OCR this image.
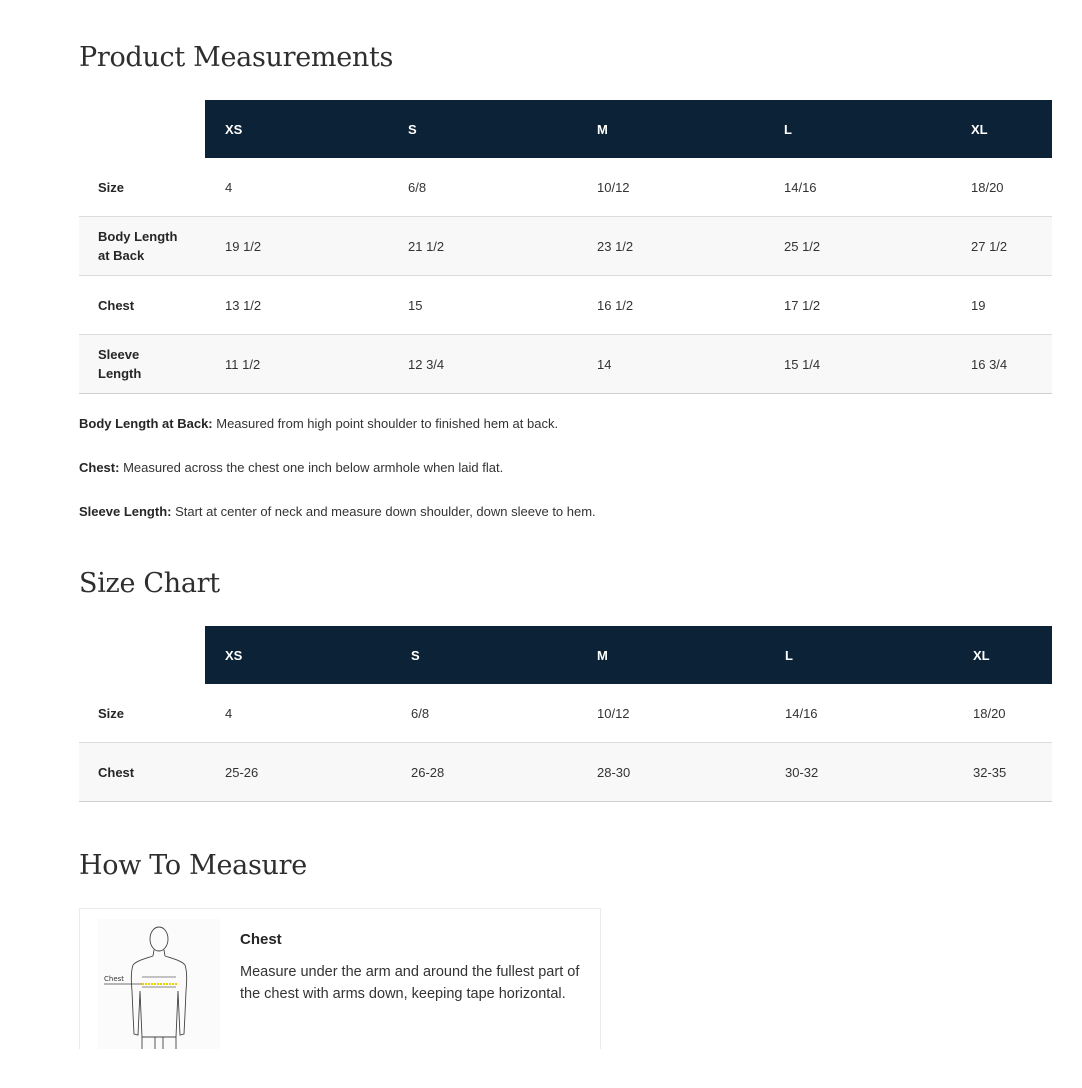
Product Measurements
	XS	S	M	L	XL
Size	4	6/8	10/12	14/16	18/20
Body Length at Back	19 1/2	21 1/2	23 1/2	25 1/2	27 1/2
Chest	13 1/2	15	16 1/2	17 1/2	19
Sleeve Length	11 1/2	12 3/4	14	15 1/4	16 3/4

Body Length at Back: Measured from high point shoulder to finished hem at back.

Chest: Measured across the chest one inch below armhole when laid flat.

Sleeve Length: Start at center of neck and measure down shoulder, down sleeve to hem.

Size Chart
	XS	S	M	L	XL
Size	4	6/8	10/12	14/16	18/20
Chest	25-26	26-28	28-30	30-32	32-35
How To Measure
Chest

Chest

Measure under the arm and around the fullest part of the chest with arms down, keeping tape horizontal.
